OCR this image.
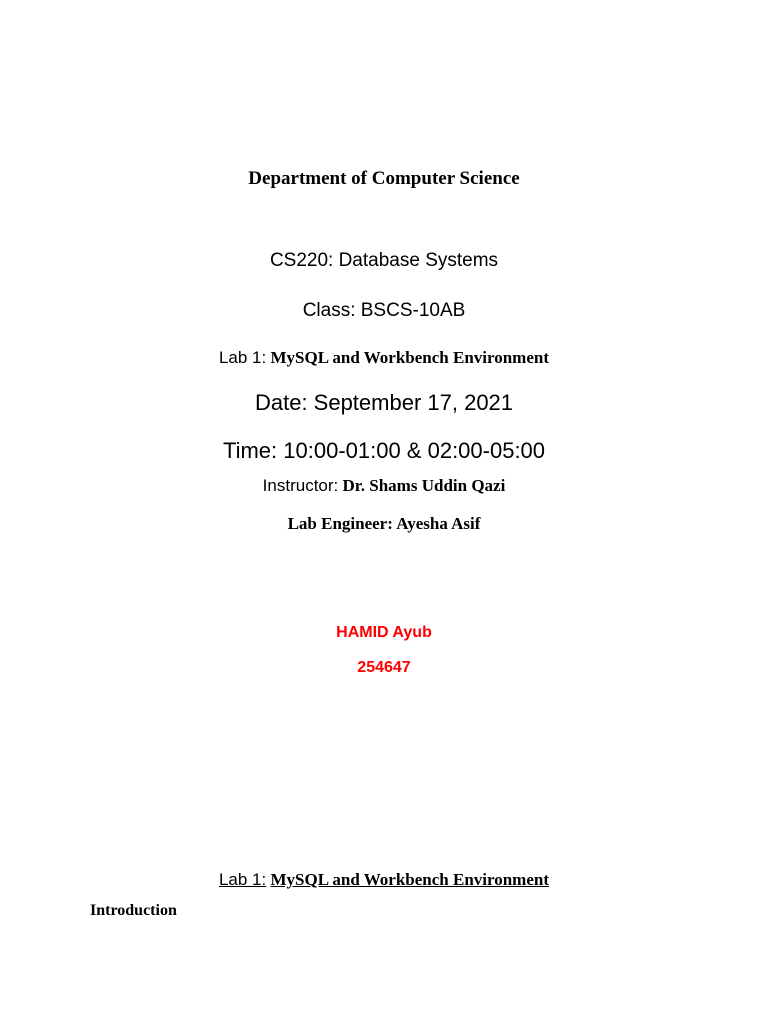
Department of Computer Science
CS220: Database Systems
Class: BSCS-10AB
Lab 1: MySQL and Workbench Environment
Date: September 17, 2021
Time: 10:00-01:00 & 02:00-05:00
Instructor: Dr. Shams Uddin Qazi
Lab Engineer: Ayesha Asif
HAMID Ayub
254647
Lab 1: MySQL and Workbench Environment
Introduction
